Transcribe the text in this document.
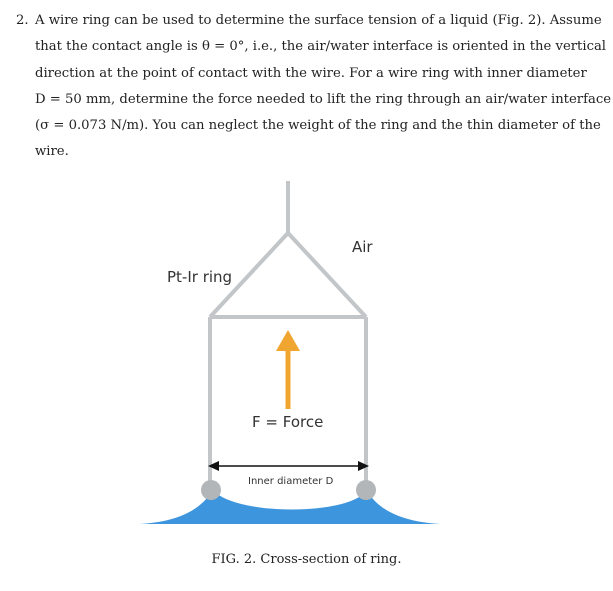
2. A wire ring can be used to determine the surface tension of a liquid (Fig. 2). Assume
that the contact angle is θ = 0°, i.e., the air/water interface is oriented in the vertical
direction at the point of contact with the wire. For a wire ring with inner diameter
D = 50 mm, determine the force needed to lift the ring through an air/water interface
(σ = 0.073 N/m). You can neglect the weight of the ring and the thin diameter of the
wire.
Pt-Ir ring
Air
F = Force
Inner diameter D
FIG. 2. Cross-section of ring.
